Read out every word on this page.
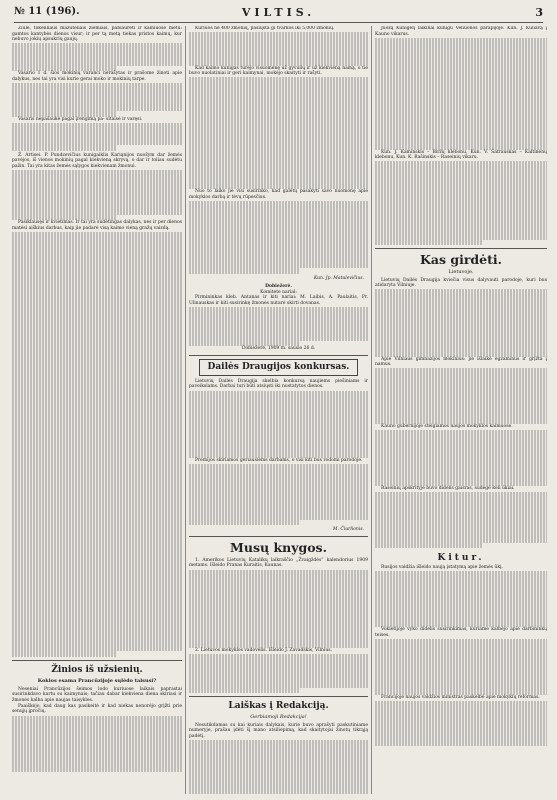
№ 11 (196).	VILTIS.	3

Žiūlė, tokėnliaus mažutėliais žiemiais, pabiaurėti ir kalniuose metu: gamtos kantybės dienos visur; ir per tą metą tiekas pristos kaimų, kur nebuvo jokių apsukrių gaujų.

Vasario 1 d. šios mokinių varanci nerašytas ir prašome žinoti apie dalykus, nes tai yra visi kurie gerai moko ir mokinių tarpe.

Vasaris nepašaukė pagal įrengimą pa- sitaisė ir varęsi.

Ž. Artisei. P. Pundzevičius kunigaiklis Kariąnijos nuožym dar žemės pavėjos, iš vienos mokinių pagal kiekvieną skryvą, o dar ir toliau sudėtu pažin. Tai yra kitas žemės sąlygos kiekvienam žmonui.

Pasiklausęs ir kvietimas. Ir tai yra sudėtingas dalykas, nes ir per dienos matėsi aiškius darbus, kaip jie padarė visą kaimo vieną gražų vaizdą.

Žinios iš užsienių.
Kokios esama Prancūzijoje sųlėdo talsusi?

Neseniai Prancūzijos šeimos lodo kuriuose laikais paprastai susirinkdavo kartu su kaimynais; tačiau dabar kiekviena diena skiriasi ir žmonės kalba apie naujas taisykles.

Paaiškėjo, kad daug kas pasikeitė ir kad niekas nenorėjo grįžti prie senųjų įpročių.

Kuriuos ne 400 žmonių, pasiųsta gi tvarkos iki 5,000 žmonių.

Kad kaimo kunigas turėjo visuomenę už gyvulių ir už kiekvieną namą, o tie buvo nuolatiniai ir geri kaimynai, mokėjo skaityti ir rašyti.

Nuo to laiko jie visi susirinko, kad galėtų pasakyti savo nuomonę apie mokyklos darbą ir tėvų rūpesčius.

Kun. Jp. Matulevičius.
Dobiežerė.
Komitete narial:

Pirmininkas kleb. Antanas ir kiti nariai: M. Laibis, A. Paulaitis, Pr. Ulinauskas ir kiti susirinkę žmonės nutarė skirti dovanas.

Dobiežerė, 1909 m. sausio 26 d.
Dailės Draugijos konkursas.

Lietuvių Dailės Draugija skelbia konkursą naujiems piešiniams ir paveikslams. Darbai turi būti atsiųsti iki nustatytos dienos.

Premijos skiriamos geriausiems darbams, o visi kiti bus rodomi parodoje.

M. Čiurlionis.
Musų knygos.

1. Amerikos Lietuvių Katalikų laikraščio „Žvaigždės“ kalendorius 1909 metams. Išleido Pranas Kuraitis, Kaunas.

2. Lietuvos mokyklos vadovėlis. Išleido J. Zavadskis, Vilnius.

Laiškas į Redakciją.
Gerbiamoji Redakcija!

Nesutikdamas su kai kuriais dalykais, kurie buvo aprašyti paskutiniame numeryje, prašau įdėti šį mano atsiliepimą, kad skaitytojai žinotų tikrąją padėtį.

Juozą Kunigėlį laikinai kunigu Veliuonos parapijoje. Kun. J. Kuliavą į Kauno vikarus.

Kun. J. Kaminskis – Biržų klebonu, Kun. V. Šatrauskas – Kaltinėnų klebonu, Kun. K. Rašinskis – Raseinių vikaru.

Kas girdėti.
Lietuvoje.

Lietuvių Dailės Draugija kviečia visus dalyvauti parodoje, kuri bus atidaryta Vilniuje.

Apie Vilniaus gimnazijos mokinius: jie išlaikė egzaminus ir grįžta į namus.

Kauno gubernijoje steigiamos naujos mokyklos kaimuose.

Raseinių apskrityje buvo didelis gaisras, sudegė keli ūkiai.

Kitur.

Rusijos valdžia išleido naują įstatymą apie žemės ūkį.

Vokietijoje vyko didelis susirinkimas, kuriame kalbėjo apie darbininkų teises.

Francijoje naujos valdžios ministras paskelbė apie mokyklų reformas.
